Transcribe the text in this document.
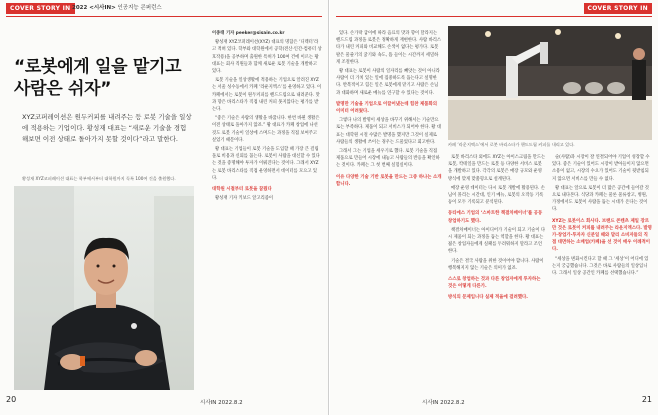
COVER STORY IN 2022 <시사IN> 인공지능 콘퍼런스
“로봇에게 일을 맡기고 사람은 쉬자”
XYZ코퍼레이션은 원두커피를 내려주는 등 로봇 기술을 일상에 적용하는 기업이다. 황성재 대표는 “새로운 기술을 경험해보면 이전 상태로 돌아가지 못할 것이다”라고 말한다.
황성재 XYZ코퍼레이션 대표는 학부에서부터 대학원까지 독특 100여 건을 출원했다.

이종태 기자 peeker@sisain.co.kr

황성재 XYZ코퍼레이션(XYZ) 대표의 명함은 ‘디렉터’라고 적혀 있다. 학부와 대학원에서 공학(전산·인간-컴퓨터 상호작용)을 공부하며 출원한 특허가 100여 건에 이르는 황 대표는 회사 직원들과 함께 새로운 로봇 기술을 개발하고 있다.

로봇 기술을 일상생활에 적용하는 기업으로 알려진 XYZ는 서울 성수동에서 카페 ‘라운지엑스’를 운영하고 있다. 이 카페에서는 로봇이 원두커피를 핸드드립으로 내려준다. 맛과 향은 바리스타가 직접 내린 커피 못지않다는 평가를 받는다.

“좋은 기술은 사람의 생활을 바꿉니다. 한번 바뀐 생활은 이전 상태로 돌아가지 않죠.” 황 대표가 카페 창업에 나선 것도 로봇 기술이 일상에 스며드는 과정을 직접 보여주고 싶었기 때문이다.

황 대표는 기업들이 로봇 기술을 도입할 때 가장 큰 걸림돌로 비용과 신뢰를 꼽는다. 로봇이 사람을 대신할 수 있다는 것을 증명해야 투자가 이뤄진다는 것이다. 그래서 XYZ는 로봇 바리스타를 직접 운영하면서 데이터를 모으고 있다.

대학원 시절부터 로봇을 꿈꿨다

황성재 기자 키보드 앞고리즘이

20	시사IN 2022.8.2
COVER STORY IN

있다. 손가락 굽이에 따라 음료의 맛과 향이 달라지는 핸드드립 과정을 로봇은 정확하게 재현한다. 사람 바리스타가 내린 커피와 비교해도 손색이 없다는 평가다. 로봇 팔은 물줄기의 굵기와 속도, 뜸 들이는 시간까지 세밀하게 조절한다.

황 대표는 로봇이 사람의 일자리를 빼앗는 것이 아니라 사람이 더 가치 있는 일에 집중하도록 돕는다고 설명한다. 반복적이고 힘든 일은 로봇에게 맡기고 사람은 손님과 대화하며 새로운 메뉴를 연구할 수 있다는 것이다.

발명만 기술을 기업으로 이끌어냈는데 힘찬 제품화의 이미터 어려웠다.

그렇다 나의 발명이 세상을 바꾸기 위해서는 기술만으로는 부족하다. 제품이 되고 서비스가 되어야 한다. 황 대표는 대학원 시절 수많은 발명을 했지만 그것이 실제로 사람들의 생활에 쓰이는 경우는 드물었다고 회고한다.

그래서 그는 기업을 세우기로 했다. 로봇 기술을 직접 제품으로 만들어 시장에 내놓고 사람들의 반응을 확인하는 것이다. 카페는 그 첫 번째 실험실이다.

이유 다양한 기술 기반 로봇을 만드는 그중 하나는 소개합니다.

카페 ‘라운지엑스’에서 로봇 바리스타가 핸드드립 커피를 내리고 있다.

로봇 바리스타 외에도 XYZ는 아이스크림을 만드는 로봇, 칵테일을 만드는 로봇 등 다양한 서비스 로봇을 개발하고 있다. 각각의 로봇은 매장 규모와 운영 방식에 맞게 맞춤형으로 설계된다.

매장 운영 데이터는 다시 로봇 개발에 활용된다. 손님이 몰리는 시간대, 인기 메뉴, 로봇의 오작동 기록 등이 모두 기록되고 분석된다.

동티에스 기업의 ‘스마트한 책결차매이너’를 공동 창업하기도 했다.

책결차매이너는 아이디어가 기술이 되고 기술이 다시 제품이 되는 과정을 돕는 역할을 한다. 황 대표는 젊은 창업자들에게 실패를 두려워하지 말라고 조언한다.

기술은 결국 사람을 위한 것이어야 합니다. 사람이 행복해지지 않는 기술은 의미가 없죠.

스스로 창업하는 것과 다른 창업자에게 투자하는 것은 어떻게 다른가.

방식의 문제입니다 실제 적을에 걸려했다.

술(사람)과 시장이 잘 연결되어야 기업이 성장할 수 있다. 좋은 기술이 있어도 시장이 받아들이지 않으면 소용이 없고, 시장의 수요가 있어도 기술이 뒷받침되지 않으면 서비스를 만들 수 없다.

황 대표는 앞으로 로봇이 더 많은 공간에 들어갈 것으로 내다본다. 식당과 카페는 물론 물류창고, 병원, 가정에서도 로봇이 사람을 돕는 시대가 온다는 것이다.

XYZ는 로봇이스 회사다. 브랜드 콘텐츠 제일 장르만 것은 로봇이 커피를 내려주는 라운지엑스다. 발명가·창업가·투자자 신분일 때와 달리 소비자들의 직접 대면하는 소매업(카페)을 선 것이 매우 이례적이다.

“세상을 변화시킨다고 할 때 그 ‘세상’이 어디에 있는지 궁금했습니다. 그것은 바로 사람들의 일상입니다. 그래서 일상 공간인 카페를 선택했습니다.”

시사IN 2022.8.2	21
